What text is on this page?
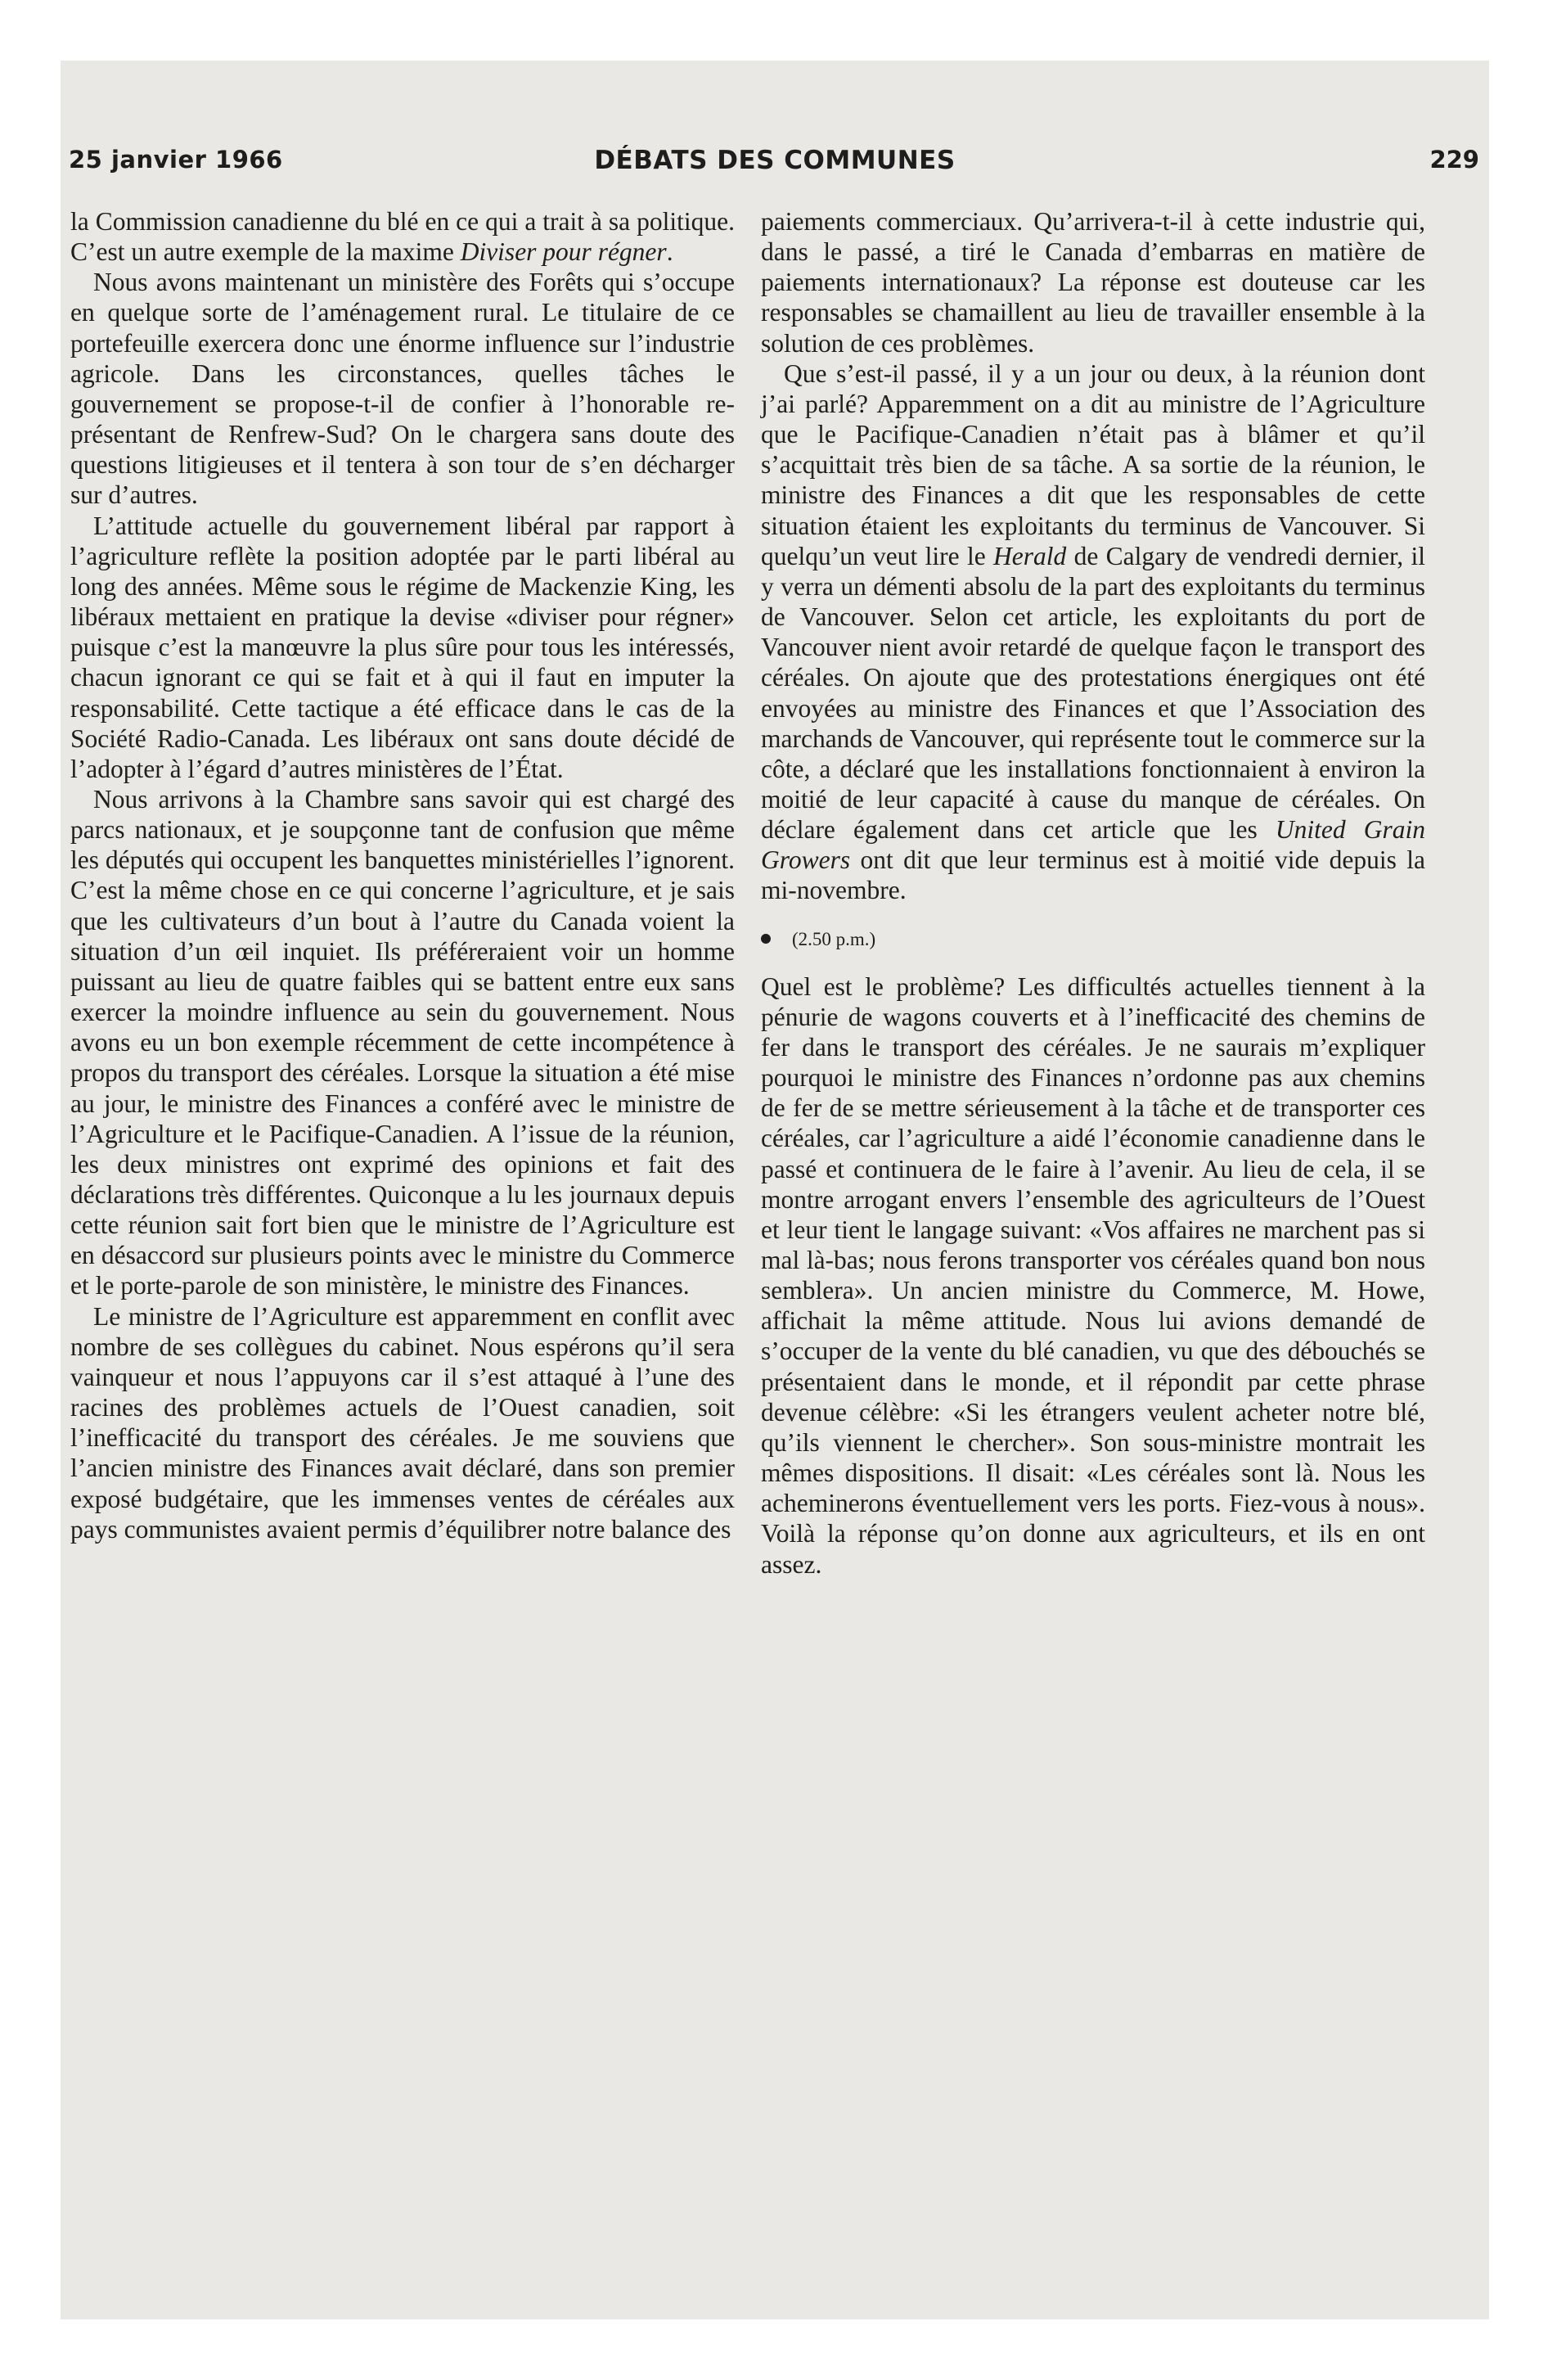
25 janvier 1966	DÉBATS DES COMMUNES	229

la Commission canadienne du blé en ce qui a trait à sa politique. C’est un autre exemple de la maxime Diviser pour régner.

Nous avons maintenant un ministère des Forêts qui s’occupe en quelque sorte de l’aménagement rural. Le titulaire de ce portefeuille exercera donc une énorme influence sur l’industrie agricole. Dans les circonstances, quelles tâches le gouvernement se propose-t-il de confier à l’honorable représentant de Renfrew-Sud? On le chargera sans doute des questions litigieuses et il tentera à son tour de s’en décharger sur d’autres.

L’attitude actuelle du gouvernement libéral par rapport à l’agriculture reflète la position adoptée par le parti libéral au long des années. Même sous le régime de Mackenzie King, les libéraux mettaient en pratique la devise «diviser pour régner» puisque c’est la manœuvre la plus sûre pour tous les intéressés, chacun ignorant ce qui se fait et à qui il faut en imputer la responsabilité. Cette tactique a été efficace dans le cas de la Société Radio-Canada. Les libéraux ont sans doute décidé de l’adopter à l’égard d’autres ministères de l’État.

Nous arrivons à la Chambre sans savoir qui est chargé des parcs nationaux, et je soupçonne tant de confusion que même les députés qui occupent les banquettes ministérielles l’ignorent. C’est la même chose en ce qui concerne l’agriculture, et je sais que les cultivateurs d’un bout à l’autre du Canada voient la situation d’un œil inquiet. Ils préféreraient voir un homme puissant au lieu de quatre faibles qui se battent entre eux sans exercer la moindre influence au sein du gouvernement. Nous avons eu un bon exemple récemment de cette incompétence à propos du transport des céréales. Lorsque la situation a été mise au jour, le ministre des Finances a conféré avec le ministre de l’Agriculture et le Pacifique-Canadien. A l’issue de la réunion, les deux ministres ont exprimé des opinions et fait des déclarations très différentes. Quiconque a lu les journaux depuis cette réunion sait fort bien que le ministre de l’Agriculture est en désaccord sur plusieurs points avec le ministre du Commerce et le porte-parole de son ministère, le ministre des Finances.

Le ministre de l’Agriculture est apparemment en conflit avec nombre de ses collègues du cabinet. Nous espérons qu’il sera vainqueur et nous l’appuyons car il s’est attaqué à l’une des racines des problèmes actuels de l’Ouest canadien, soit l’inefficacité du transport des céréales. Je me souviens que l’ancien ministre des Finances avait déclaré, dans son premier exposé budgétaire, que les immenses ventes de céréales aux pays communistes avaient permis d’équilibrer notre balance des

paiements commerciaux. Qu’arrivera-t-il à cette industrie qui, dans le passé, a tiré le Canada d’embarras en matière de paiements internationaux? La réponse est douteuse car les responsables se chamaillent au lieu de travailler ensemble à la solution de ces problèmes.

Que s’est-il passé, il y a un jour ou deux, à la réunion dont j’ai parlé? Apparemment on a dit au ministre de l’Agriculture que le Pacifique-Canadien n’était pas à blâmer et qu’il s’acquittait très bien de sa tâche. A sa sortie de la réunion, le ministre des Finances a dit que les responsables de cette situation étaient les exploitants du terminus de Vancouver. Si quelqu’un veut lire le Herald de Calgary de vendredi dernier, il y verra un démenti absolu de la part des exploitants du terminus de Vancouver. Selon cet article, les exploitants du port de Vancouver nient avoir retardé de quelque façon le transport des céréales. On ajoute que des protestations énergiques ont été envoyées au ministre des Finances et que l’Association des marchands de Vancouver, qui représente tout le commerce sur la côte, a déclaré que les installations fonctionnaient à environ la moitié de leur capacité à cause du manque de céréales. On déclare également dans cet article que les United Grain Growers ont dit que leur terminus est à moitié vide depuis la mi-novembre.

(2.50 p.m.)

Quel est le problème? Les difficultés actuelles tiennent à la pénurie de wagons couverts et à l’inefficacité des chemins de fer dans le transport des céréales. Je ne saurais m’expliquer pourquoi le ministre des Finances n’ordonne pas aux chemins de fer de se mettre sérieusement à la tâche et de transporter ces céréales, car l’agriculture a aidé l’économie canadienne dans le passé et continuera de le faire à l’avenir. Au lieu de cela, il se montre arrogant envers l’ensemble des agriculteurs de l’Ouest et leur tient le langage suivant: «Vos affaires ne marchent pas si mal là-bas; nous ferons transporter vos céréales quand bon nous semblera». Un ancien ministre du Commerce, M. Howe, affichait la même attitude. Nous lui avions demandé de s’occuper de la vente du blé canadien, vu que des débouchés se présentaient dans le monde, et il répondit par cette phrase devenue célèbre: «Si les étrangers veulent acheter notre blé, qu’ils viennent le chercher». Son sous-ministre montrait les mêmes dispositions. Il disait: «Les céréales sont là. Nous les acheminerons éventuellement vers les ports. Fiez-vous à nous». Voilà la réponse qu’on donne aux agriculteurs, et ils en ont assez.
